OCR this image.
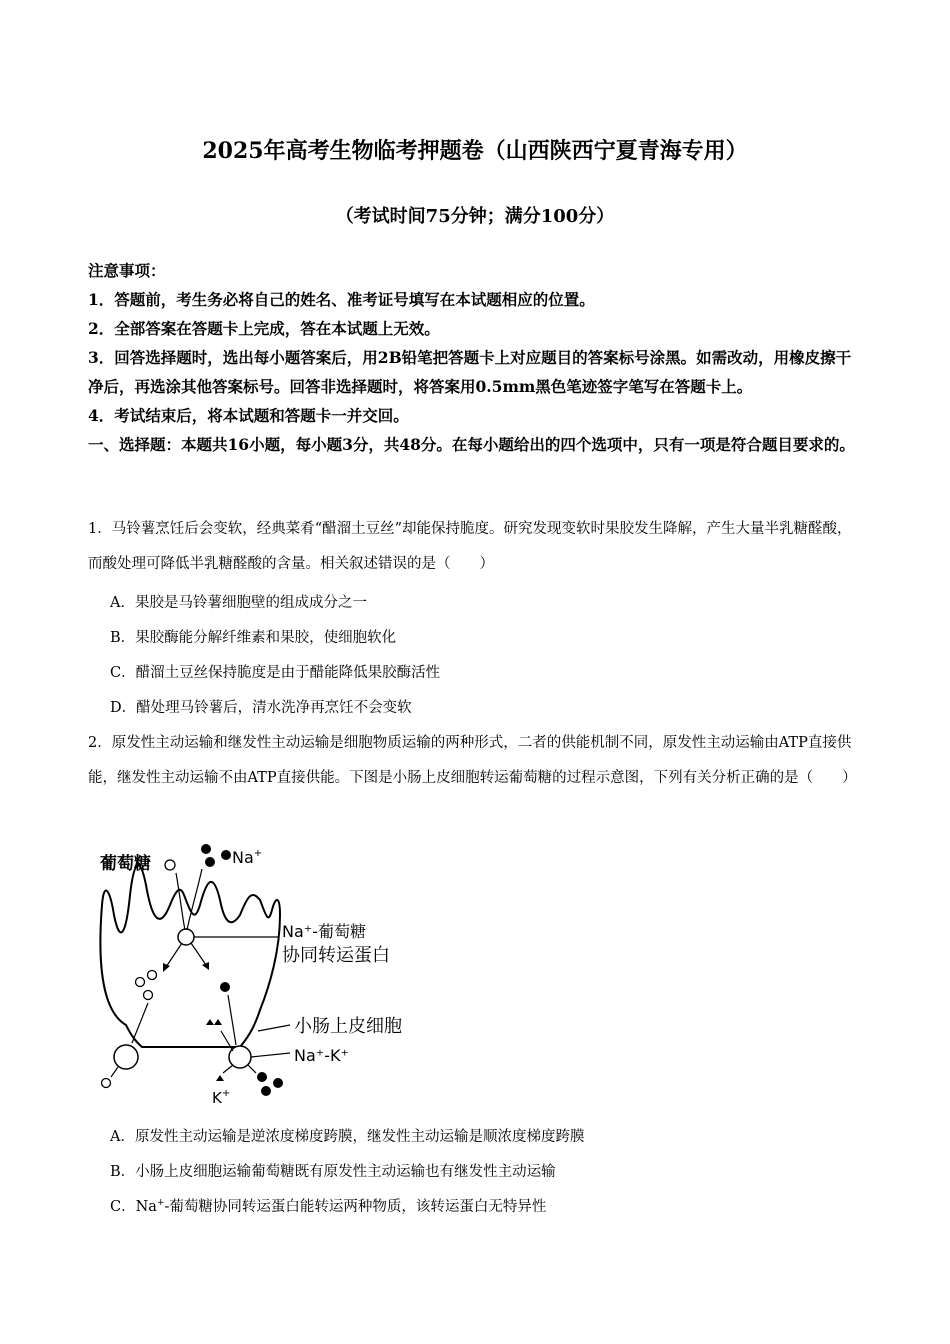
2025年高考生物临考押题卷（山西陕西宁夏青海专用）
（考试时间75分钟；满分100分）
注意事项：
1．答题前，考生务必将自己的姓名、准考证号填写在本试题相应的位置。
2．全部答案在答题卡上完成，答在本试题上无效。
3．回答选择题时，选出每小题答案后，用2B铅笔把答题卡上对应题目的答案标号涂黑。如需改动，用橡皮擦干净后，再选涂其他答案标号。回答非选择题时，将答案用0.5mm黑色笔迹签字笔写在答题卡上。
4．考试结束后，将本试题和答题卡一并交回。
一、选择题：本题共16小题，每小题3分，共48分。在每小题给出的四个选项中，只有一项是符合题目要求的。
1．马铃薯烹饪后会变软，经典菜肴“醋溜土豆丝”却能保持脆度。研究发现变软时果胶发生降解，产生大量半乳糖醛酸，而酸处理可降低半乳糖醛酸的含量。相关叙述错误的是（　　）
A．果胶是马铃薯细胞壁的组成成分之一
B．果胶酶能分解纤维素和果胶，使细胞软化
C．醋溜土豆丝保持脆度是由于醋能降低果胶酶活性
D．醋处理马铃薯后，清水洗净再烹饪不会变软
2．原发性主动运输和继发性主动运输是细胞物质运输的两种形式，二者的供能机制不同，原发性主动运输由ATP直接供能，继发性主动运输不由ATP直接供能。下图是小肠上皮细胞转运葡萄糖的过程示意图，下列有关分析正确的是（　　）
葡萄糖	Na+
Na⁺-葡萄糖
协同转运蛋白
小肠上皮细胞
Na⁺-K⁺
K+
A．原发性主动运输是逆浓度梯度跨膜，继发性主动运输是顺浓度梯度跨膜
B．小肠上皮细胞运输葡萄糖既有原发性主动运输也有继发性主动运输
C．Na+-葡萄糖协同转运蛋白能转运两种物质，该转运蛋白无特异性
